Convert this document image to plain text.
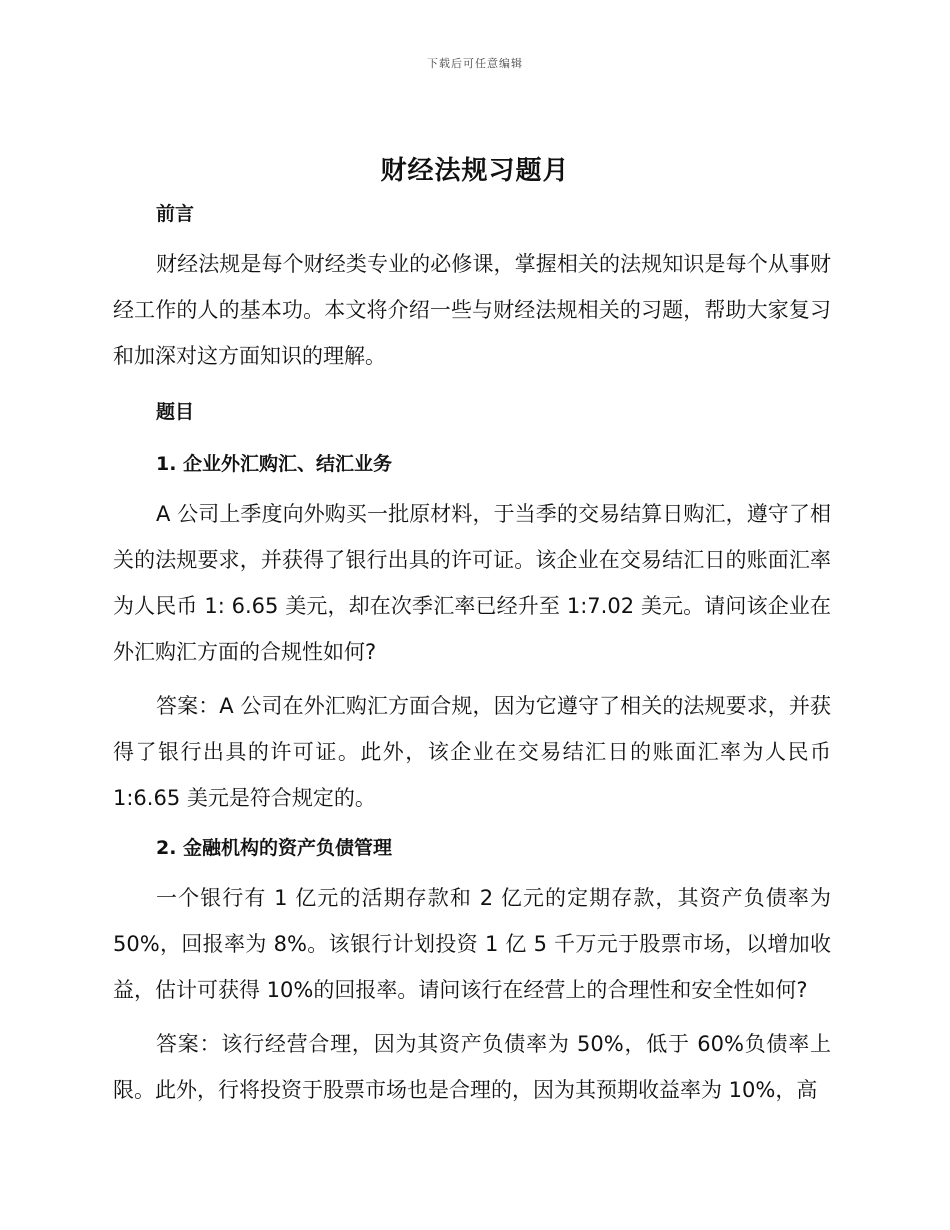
下载后可任意编辑
财经法规习题月

前言

财经法规是每个财经类专业的必修课，掌握相关的法规知识是每个从事财经工作的人的基本功。本文将介绍一些与财经法规相关的习题，帮助大家复习和加深对这方面知识的理解。

题目

1. 企业外汇购汇、结汇业务

A 公司上季度向外购买一批原材料，于当季的交易结算日购汇，遵守了相关的法规要求，并获得了银行出具的许可证。该企业在交易结汇日的账面汇率为人民币 1: 6.65 美元，却在次季汇率已经升至 1:7.02 美元。请问该企业在外汇购汇方面的合规性如何?

答案：A 公司在外汇购汇方面合规，因为它遵守了相关的法规要求，并获得了银行出具的许可证。此外，该企业在交易结汇日的账面汇率为人民币 1:6.65 美元是符合规定的。

2. 金融机构的资产负债管理

一个银行有 1 亿元的活期存款和 2 亿元的定期存款，其资产负债率为 50%，回报率为 8%。该银行计划投资 1 亿 5 千万元于股票市场，以增加收益，估计可获得 10%的回报率。请问该行在经营上的合理性和安全性如何?

答案：该行经营合理，因为其资产负债率为 50%，低于 60%负债率上限。此外，行将投资于股票市场也是合理的，因为其预期收益率为 10%，高
